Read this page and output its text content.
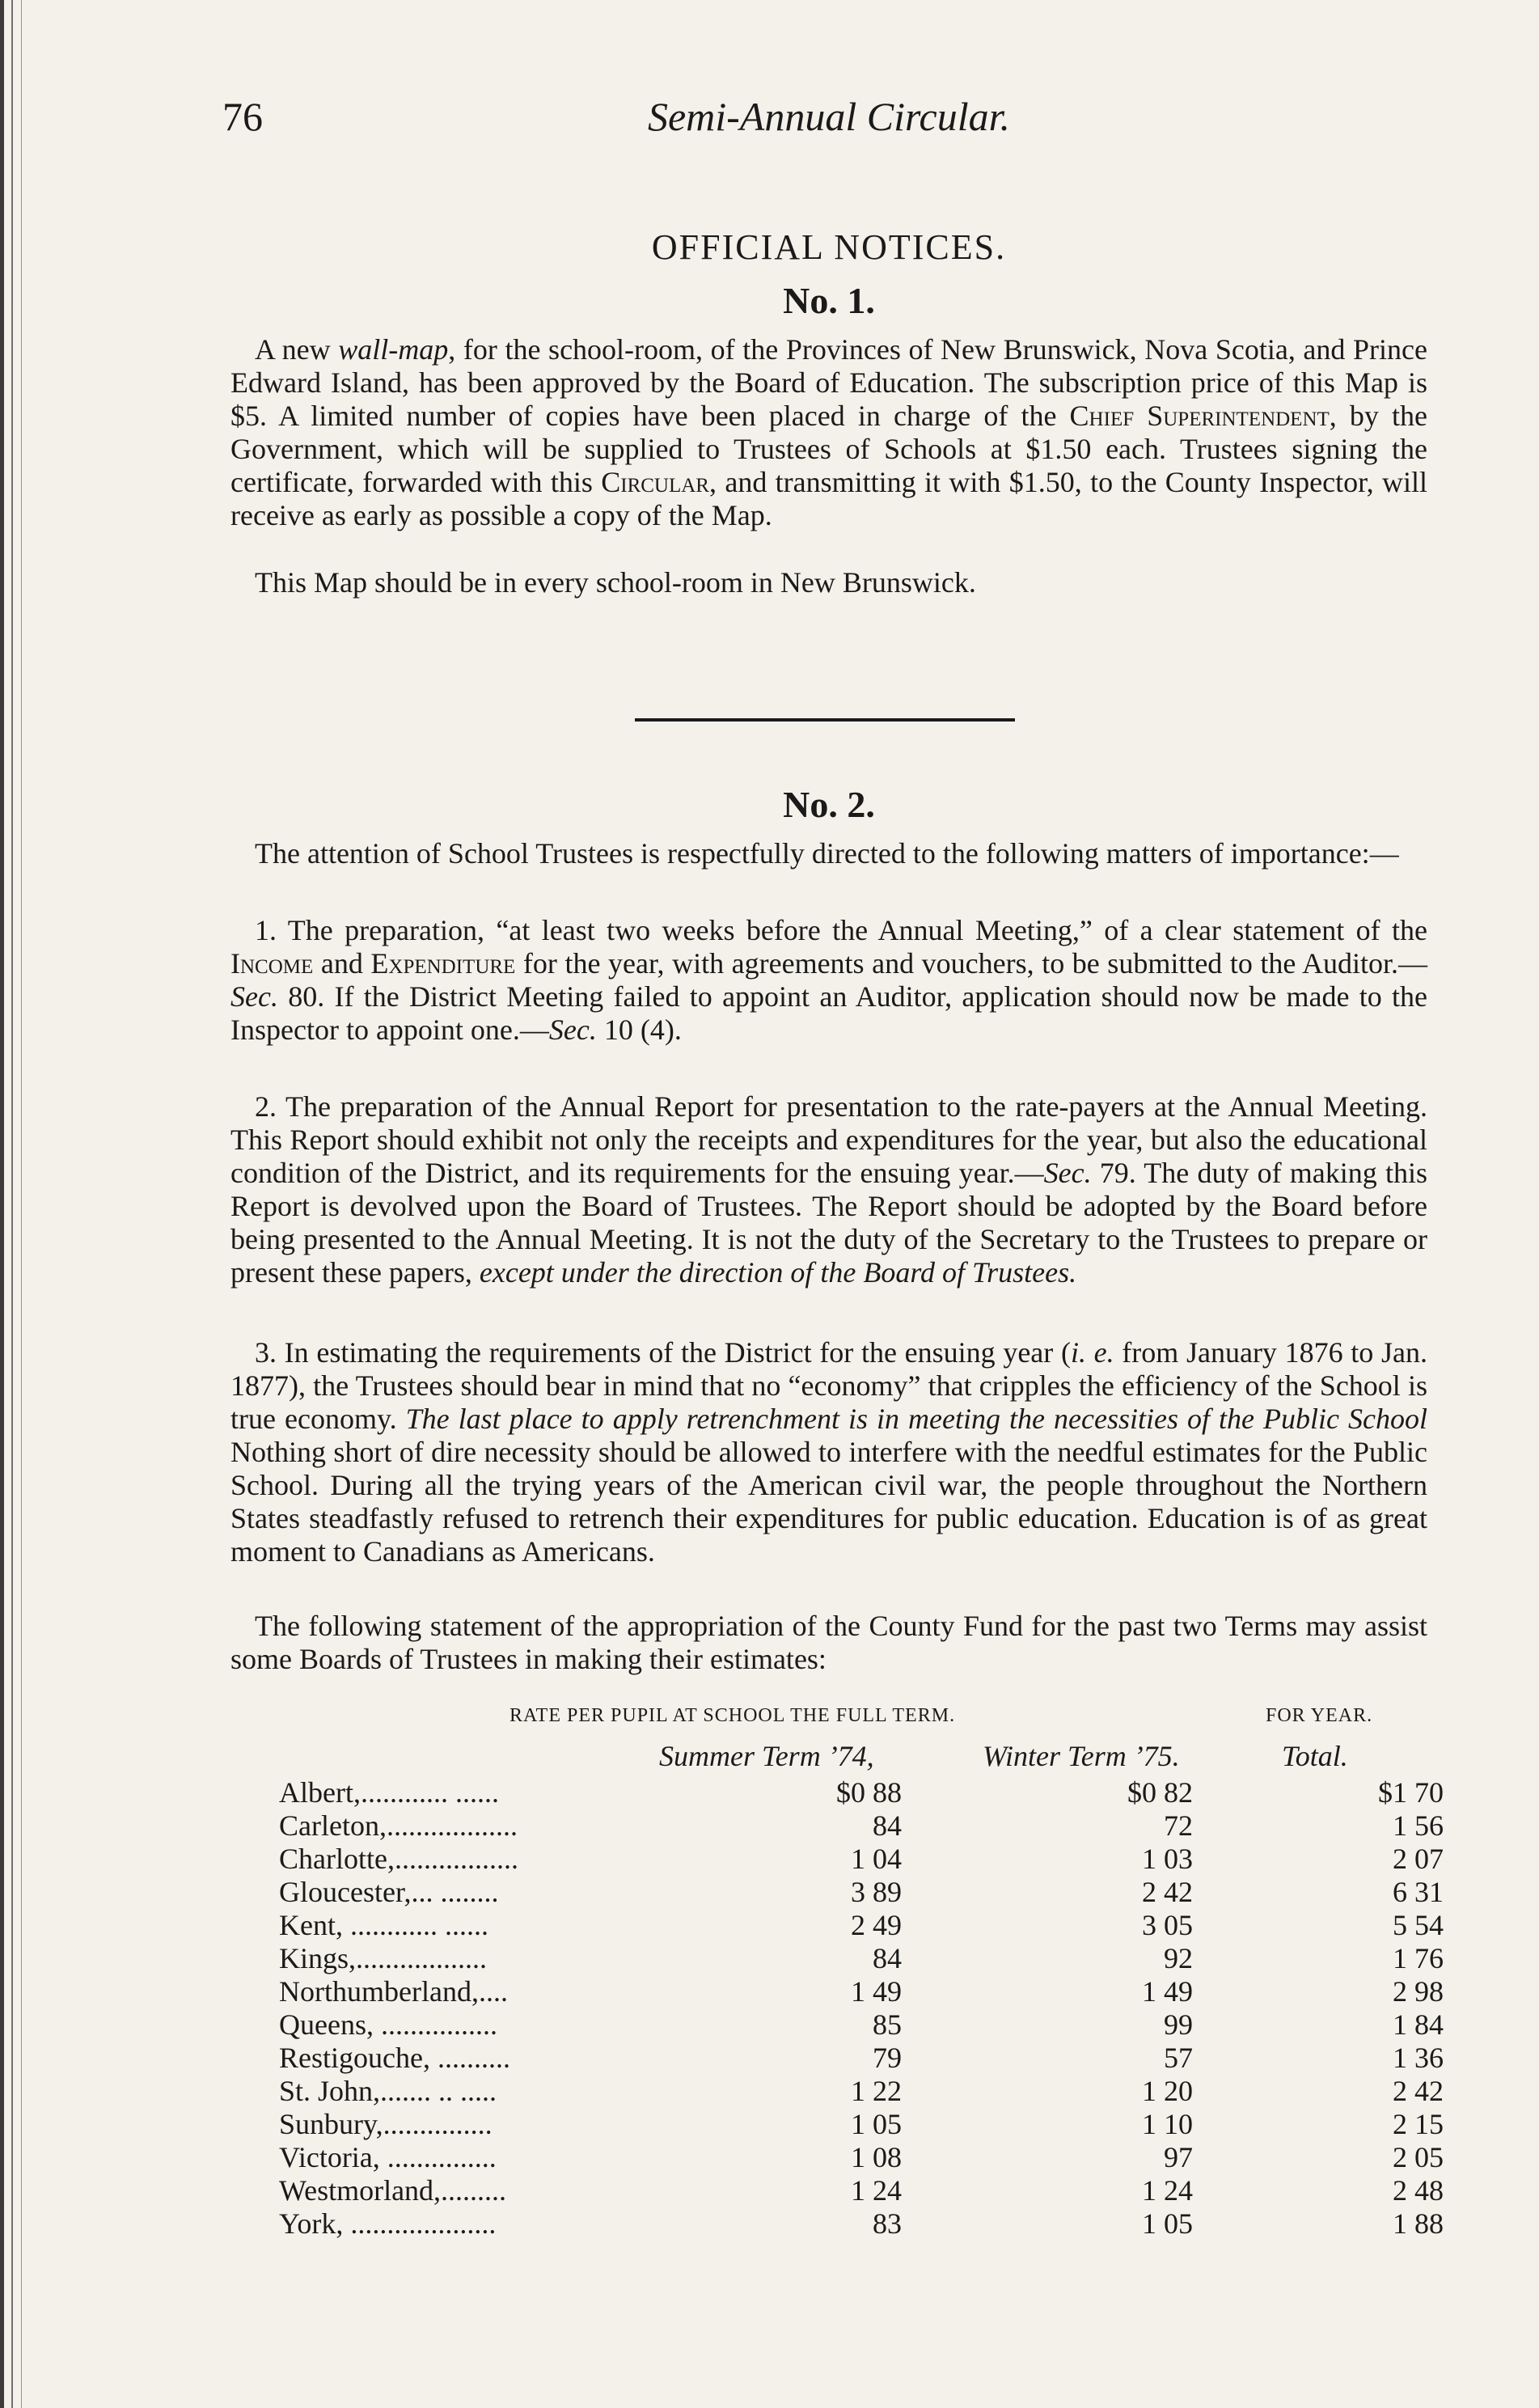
76	Semi-Annual Circular.
OFFICIAL NOTICES.
No. 1.

A new wall-map, for the school-room, of the Provinces of New Brunswick, Nova Scotia, and Prince Edward Island, has been approved by the Board of Education. The subscription price of this Map is $5. A limited number of copies have been placed in charge of the Chief Superintendent, by the Government, which will be supplied to Trustees of Schools at $1.50 each. Trustees signing the certificate, forwarded with this Circular, and transmitting it with $1.50, to the County Inspector, will receive as early as possible a copy of the Map.

This Map should be in every school-room in New Brunswick.

No. 2.

The attention of School Trustees is respectfully directed to the following matters of importance:—

1. The preparation, “at least two weeks before the Annual Meeting,” of a clear statement of the Income and Expenditure for the year, with agreements and vouchers, to be submitted to the Auditor.—Sec. 80. If the District Meeting failed to appoint an Auditor, application should now be made to the Inspector to appoint one.—Sec. 10 (4).

2. The preparation of the Annual Report for presentation to the rate-payers at the Annual Meeting. This Report should exhibit not only the receipts and expenditures for the year, but also the educational condition of the District, and its requirements for the ensuing year.—Sec. 79. The duty of making this Report is devolved upon the Board of Trustees. The Report should be adopted by the Board before being presented to the Annual Meeting. It is not the duty of the Secretary to the Trustees to prepare or present these papers, except under the direction of the Board of Trustees.

3. In estimating the requirements of the District for the ensuing year (i. e. from January 1876 to Jan. 1877), the Trustees should bear in mind that no “economy” that cripples the efficiency of the School is true economy. The last place to apply retrenchment is in meeting the necessities of the Public School Nothing short of dire necessity should be allowed to interfere with the needful estimates for the Public School. During all the trying years of the American civil war, the people throughout the Northern States steadfastly refused to retrench their expenditures for public education. Education is of as great moment to Canadians as Americans.

The following statement of the appropriation of the County Fund for the past two Terms may assist some Boards of Trustees in making their estimates:

RATE PER PUPIL AT SCHOOL THE FULL TERM.	FOR YEAR.
Summer Term ’74,	Winter Term ’75.	Total.
Albert,............ ......	$0 88	$0 82	$1 70
Carleton,..................	84	72	1 56
Charlotte,.................	1 04	1 03	2 07
Gloucester,... ........	3 89	2 42	6 31
Kent, ............ ......	2 49	3 05	5 54
Kings,..................	84	92	1 76
Northumberland,....	1 49	1 49	2 98
Queens, ................	85	99	1 84
Restigouche, ..........	79	57	1 36
St. John,....... .. .....	1 22	1 20	2 42
Sunbury,...............	1 05	1 10	2 15
Victoria, ...............	1 08	97	2 05
Westmorland,.........	1 24	1 24	2 48
York, ....................	83	1 05	1 88
